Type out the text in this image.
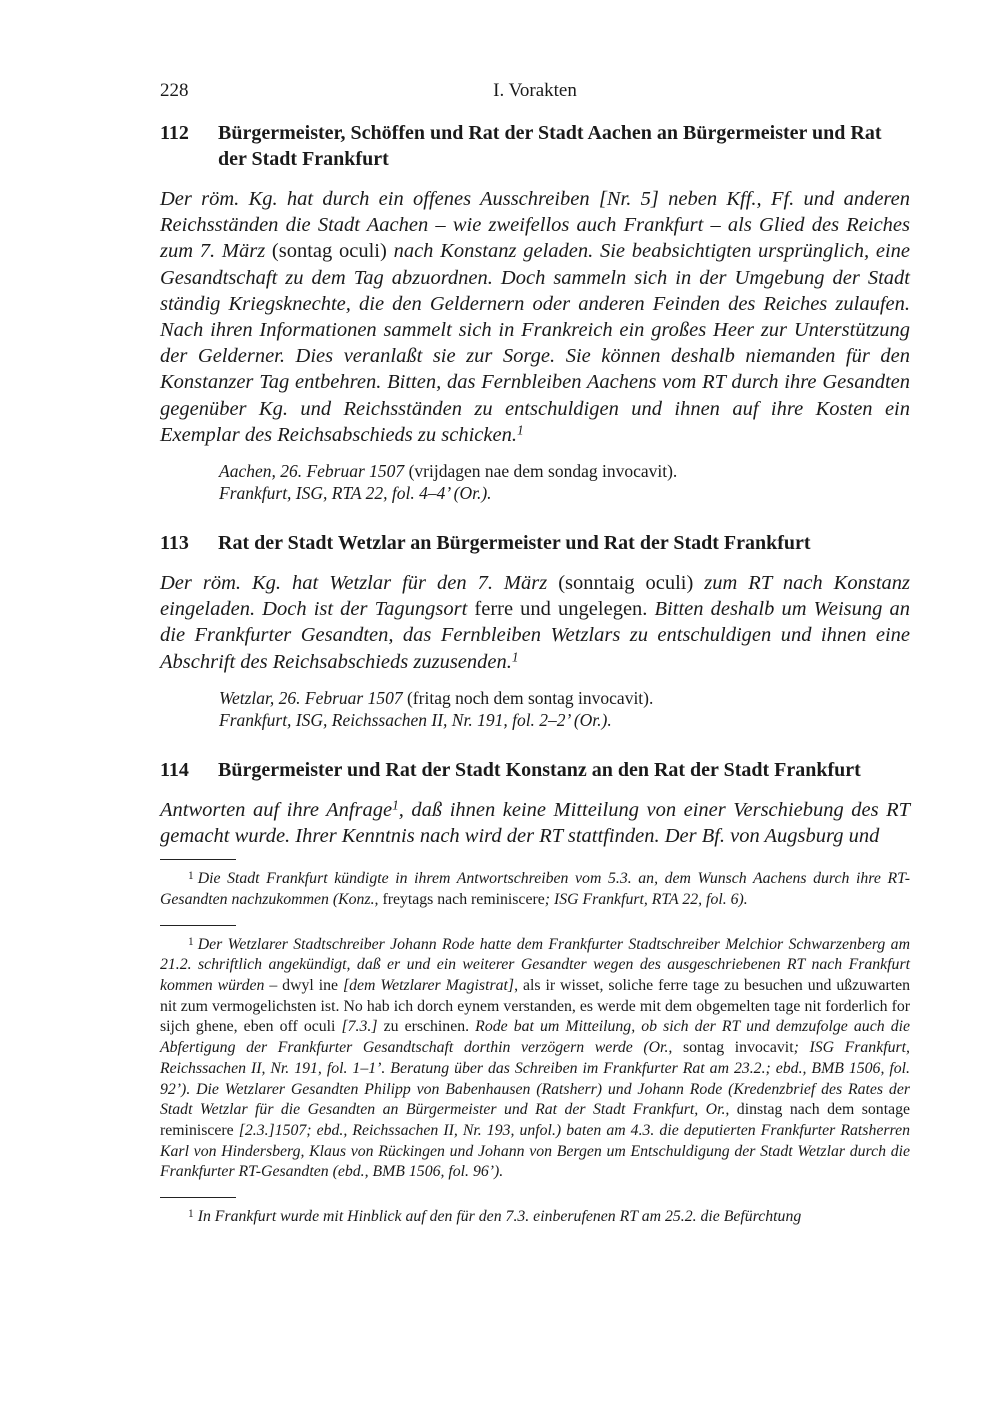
228	I. Vorakten
112	Bürgermeister, Schöffen und Rat der Stadt Aachen an Bürgermeister und Rat der Stadt Frankfurt
Der röm. Kg. hat durch ein offenes Ausschreiben [Nr. 5] neben Kff., Ff. und anderen Reichsständen die Stadt Aachen – wie zweifellos auch Frankfurt – als Glied des Reiches zum 7. März (sontag oculi) nach Konstanz geladen. Sie beabsichtigten ursprünglich, eine Gesandtschaft zu dem Tag abzuordnen. Doch sammeln sich in der Umgebung der Stadt ständig Kriegsknechte, die den Geldernern oder anderen Feinden des Reiches zulaufen. Nach ihren Informationen sammelt sich in Frankreich ein großes Heer zur Unterstützung der Gelderner. Dies veranlaßt sie zur Sorge. Sie können deshalb niemanden für den Konstanzer Tag entbehren. Bitten, das Fernbleiben Aachens vom RT durch ihre Gesandten gegenüber Kg. und Reichsständen zu entschuldigen und ihnen auf ihre Kosten ein Exemplar des Reichsabschieds zu schicken.$^1$
Aachen, 26. Februar 1507 (vrijdagen nae dem sondag invocavit).
Frankfurt, ISG, RTA 22, fol. 4–4’ (Or.).
113	Rat der Stadt Wetzlar an Bürgermeister und Rat der Stadt Frankfurt
Der röm. Kg. hat Wetzlar für den 7. März (sonntaig oculi) zum RT nach Konstanz eingeladen. Doch ist der Tagungsort ferre und ungelegen. Bitten deshalb um Weisung an die Frankfurter Gesandten, das Fernbleiben Wetzlars zu entschuldigen und ihnen eine Abschrift des Reichsabschieds zuzusenden.$^1$
Wetzlar, 26. Februar 1507 (fritag noch dem sontag invocavit).
Frankfurt, ISG, Reichssachen II, Nr. 191, fol. 2–2’ (Or.).
114	Bürgermeister und Rat der Stadt Konstanz an den Rat der Stadt Frankfurt
Antworten auf ihre Anfrage$^1$, daß ihnen keine Mitteilung von einer Verschiebung des RT gemacht wurde. Ihrer Kenntnis nach wird der RT stattfinden. Der Bf. von Augsburg und
$^1$ Die Stadt Frankfurt kündigte in ihrem Antwortschreiben vom 5.3. an, dem Wunsch Aachens durch ihre RT-Gesandten nachzukommen (Konz., freytags nach reminiscere; ISG Frankfurt, RTA 22, fol. 6).
$^1$ Der Wetzlarer Stadtschreiber Johann Rode hatte dem Frankfurter Stadtschreiber Melchior Schwarzenberg am 21.2. schriftlich angekündigt, daß er und ein weiterer Gesandter wegen des ausgeschriebenen RT nach Frankfurt kommen würden – dwyl ine [dem Wetzlarer Magistrat], als ir wisset, soliche ferre tage zu besuchen und ußzuwarten nit zum vermogelichsten ist. No hab ich dorch eynem verstanden, es werde mit dem obgemelten tage nit forderlich for sijch ghene, eben off oculi [7.3.] zu erschinen. Rode bat um Mitteilung, ob sich der RT und demzufolge auch die Abfertigung der Frankfurter Gesandtschaft dorthin verzögern werde (Or., sontag invocavit; ISG Frankfurt, Reichssachen II, Nr. 191, fol. 1–1’. Beratung über das Schreiben im Frankfurter Rat am 23.2.; ebd., BMB 1506, fol. 92’). Die Wetzlarer Gesandten Philipp von Babenhausen (Ratsherr) und Johann Rode (Kredenzbrief des Rates der Stadt Wetzlar für die Gesandten an Bürgermeister und Rat der Stadt Frankfurt, Or., dinstag nach dem sontage reminiscere [2.3.]1507; ebd., Reichssachen II, Nr. 193, unfol.) baten am 4.3. die deputierten Frankfurter Ratsherren Karl von Hindersberg, Klaus von Rückingen und Johann von Bergen um Entschuldigung der Stadt Wetzlar durch die Frankfurter RT-Gesandten (ebd., BMB 1506, fol. 96’).
$^1$ In Frankfurt wurde mit Hinblick auf den für den 7.3. einberufenen RT am 25.2. die Befürchtung
